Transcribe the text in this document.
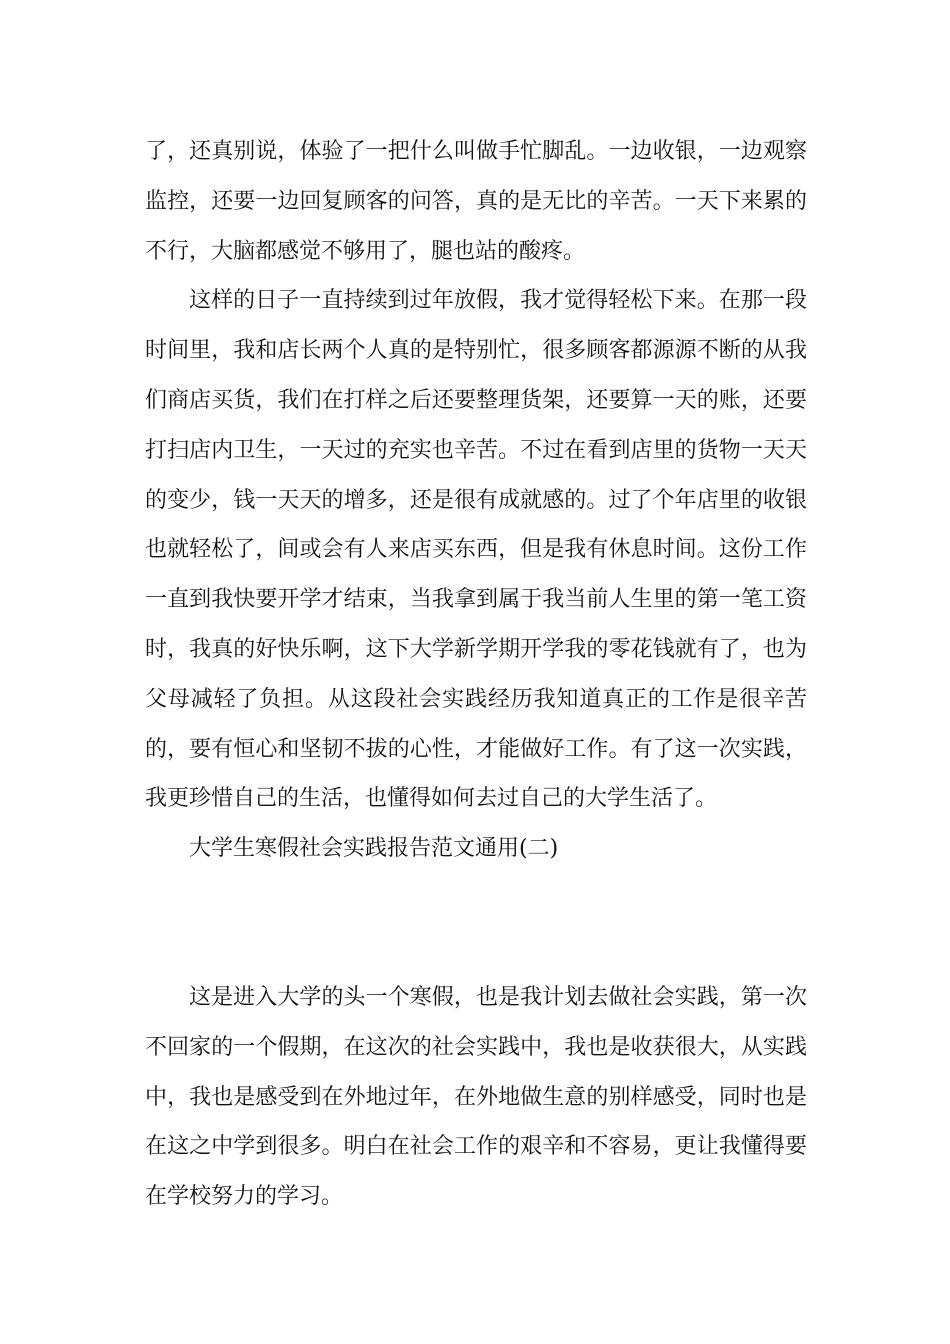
了，还真别说，体验了一把什么叫做手忙脚乱。一边收银，一边观察监控，还要一边回复顾客的问答，真的是无比的辛苦。一天下来累的不行，大脑都感觉不够用了，腿也站的酸疼。

这样的日子一直持续到过年放假，我才觉得轻松下来。在那一段时间里，我和店长两个人真的是特别忙，很多顾客都源源不断的从我们商店买货，我们在打样之后还要整理货架，还要算一天的账，还要打扫店内卫生，一天过的充实也辛苦。不过在看到店里的货物一天天的变少，钱一天天的增多，还是很有成就感的。过了个年店里的收银也就轻松了，间或会有人来店买东西，但是我有休息时间。这份工作一直到我快要开学才结束，当我拿到属于我当前人生里的第一笔工资时，我真的好快乐啊，这下大学新学期开学我的零花钱就有了，也为父母减轻了负担。从这段社会实践经历我知道真正的工作是很辛苦的，要有恒心和坚韧不拔的心性，才能做好工作。有了这一次实践，我更珍惜自己的生活，也懂得如何去过自己的大学生活了。

大学生寒假社会实践报告范文通用(二)

这是进入大学的头一个寒假，也是我计划去做社会实践，第一次不回家的一个假期，在这次的社会实践中，我也是收获很大，从实践中，我也是感受到在外地过年，在外地做生意的别样感受，同时也是在这之中学到很多。明白在社会工作的艰辛和不容易，更让我懂得要在学校努力的学习。
